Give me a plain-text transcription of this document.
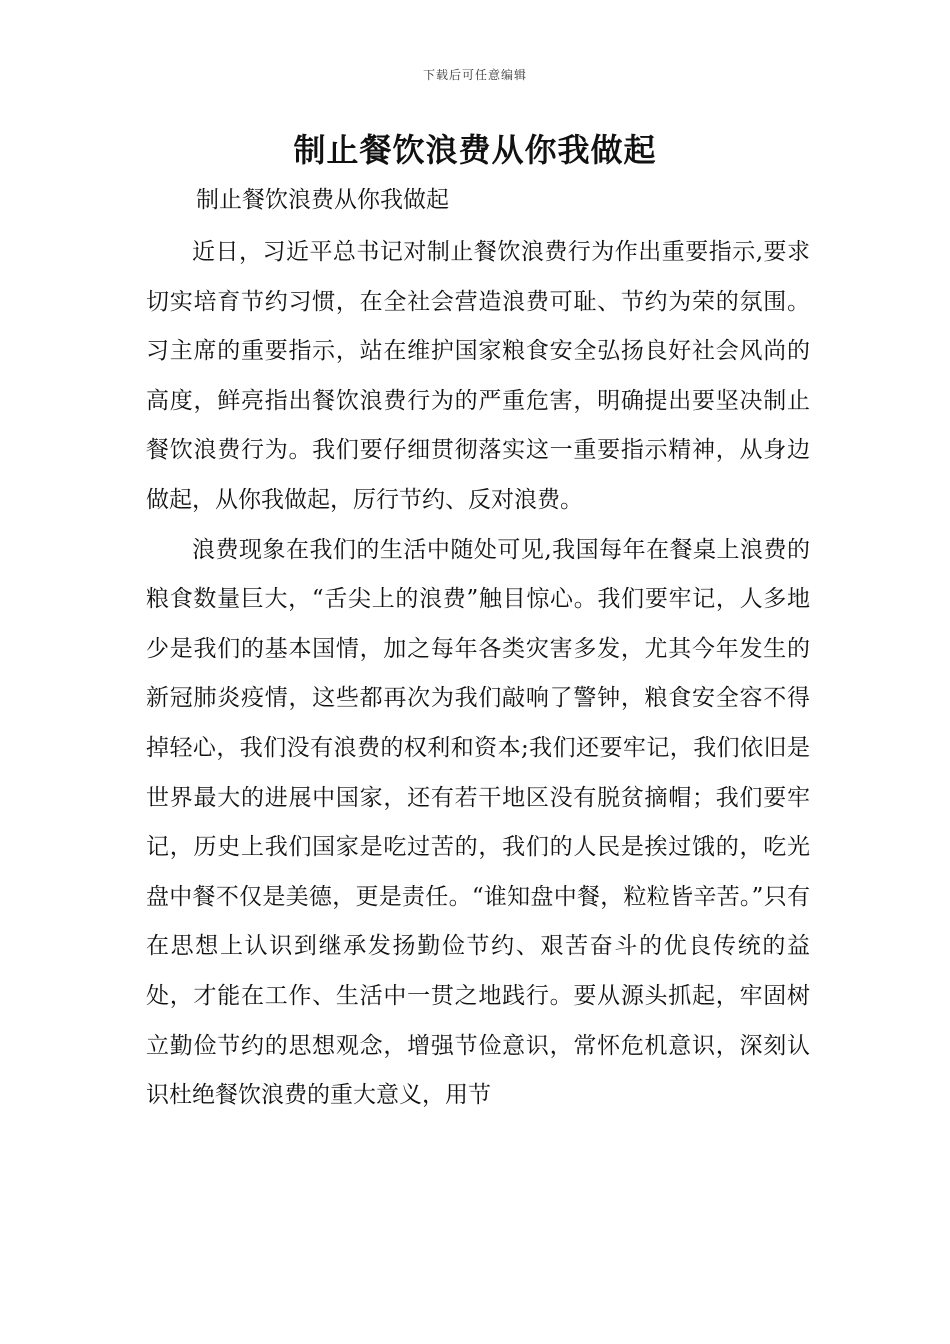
下载后可任意编辑
制止餐饮浪费从你我做起

制止餐饮浪费从你我做起

近日，习近平总书记对制止餐饮浪费行为作出重要指示,要求切实培育节约习惯，在全社会营造浪费可耻、节约为荣的氛围。习主席的重要指示，站在维护国家粮食安全弘扬良好社会风尚的高度，鲜亮指出餐饮浪费行为的严重危害，明确提出要坚决制止餐饮浪费行为。我们要仔细贯彻落实这一重要指示精神，从身边做起，从你我做起，厉行节约、反对浪费。

浪费现象在我们的生活中随处可见,我国每年在餐桌上浪费的粮食数量巨大，“舌尖上的浪费”触目惊心。我们要牢记，人多地少是我们的基本国情，加之每年各类灾害多发，尤其今年发生的新冠肺炎疫情，这些都再次为我们敲响了警钟，粮食安全容不得掉轻心，我们没有浪费的权利和资本;我们还要牢记，我们依旧是世界最大的进展中国家，还有若干地区没有脱贫摘帽；我们要牢记，历史上我们国家是吃过苦的，我们的人民是挨过饿的，吃光盘中餐不仅是美德，更是责任。“谁知盘中餐，粒粒皆辛苦。”只有在思想上认识到继承发扬勤俭节约、艰苦奋斗的优良传统的益处，才能在工作、生活中一贯之地践行。要从源头抓起，牢固树立勤俭节约的思想观念，增强节俭意识，常怀危机意识，深刻认识杜绝餐饮浪费的重大意义，用节
